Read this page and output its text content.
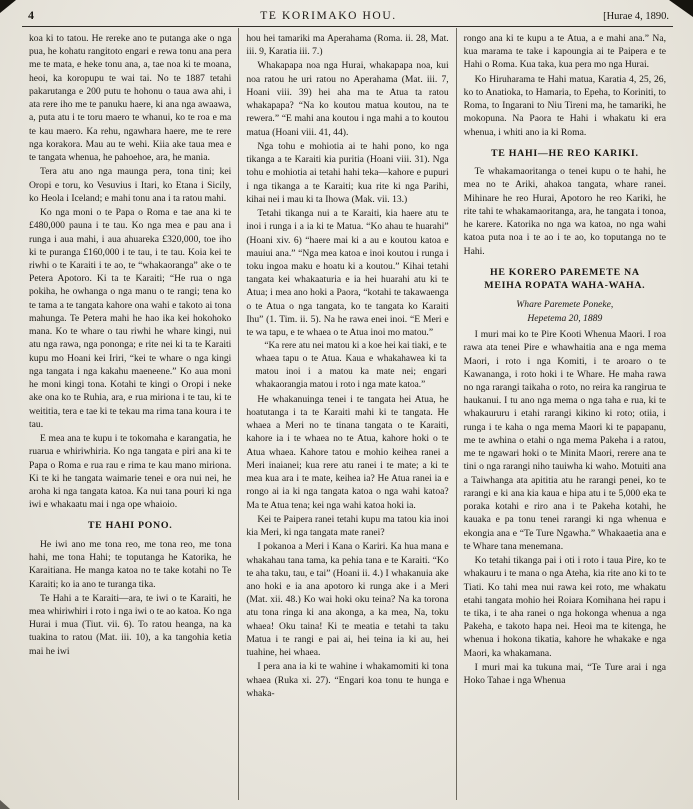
4	TE KORIMAKO HOU.	[Hurae 4, 1890.

koa ki to tatou. He rereke ano te putanga ake o nga pua, he kohatu rangitoto engari e rewa tonu ana pera me te mata, e heke tonu ana, a, tae noa ki te moana, heoi, ka koropupu te wai tai. No te 1887 tetahi pakarutanga e 200 putu te hohonu o taua awa ahi, i ata rere iho me te panuku haere, ki ana nga awaawa, a, puta atu i te toru maero te whanui, ko te roa e ma te kau maero. Ka rehu, ngawhara haere, me te rere nga korakora. Mau au te wehi. Kiia ake taua mea e te tangata whenua, he pahoehoe, ara, he mania.

Tera atu ano nga maunga pera, tona tini; kei Oropi e toru, ko Vesuvius i Itari, ko Etana i Sicily, ko Heola i Iceland; e mahi tonu ana i ta ratou mahi.

Ko nga moni o te Papa o Roma e tae ana ki te £480,000 pauna i te tau. Ko nga mea e pau ana i runga i aua mahi, i aua ahuareka £320,000, toe iho ki te puranga £160,000 i te tau, i te tau. Koia kei te riwhi o te Karaiti i te ao, te “whakaoranga” ake o te Petera Apotoro. Ki ta te Karaiti; “He rua o nga pokiha, he owhanga o nga manu o te rangi; tena ko te tama a te tangata kahore ona wahi e takoto ai tona mahunga. Te Petera mahi he hao ika kei hokohoko mana. Ko te whare o tau riwhi he whare kingi, nui atu nga rawa, nga pononga; e rite nei ki ta te Karaiti kupu mo Hoani kei Iriri, “kei te whare o nga kingi nga tangata i nga kakahu maeneene.” Ko aua moni he moni kingi tona. Kotahi te kingi o Oropi i neke ake ona ko te Ruhia, ara, e rua miriona i te tau, ki te weititia, tera e tae ki te tekau ma rima tana koura i te tau.

E mea ana te kupu i te tokomaha e karangatia, he ruarua e whiriwhiria. Ko nga tangata e piri ana ki te Papa o Roma e rua rau e rima te kau mano miriona. Ki te ki he tangata waimarie tenei e ora nui nei, he aroha ki nga tangata katoa. Ka nui tana pouri ki nga iwi e whakaatu mai i nga ope whaioio.

TE HAHI PONO.

He iwi ano me tona reo, me tona reo, me tona hahi, me tona Hahi; te toputanga he Katorika, he Karaitiana. He manga katoa no te take kotahi no Te Karaiti; ko ia ano te turanga tika.

Te Hahi a te Karaiti—ara, te iwi o te Karaiti, he mea whiriwhiri i roto i nga iwi o te ao katoa. Ko nga Hurai i mua (Tiut. vii. 6). To ratou heanga, na ka tuakina to ratou (Mat. iii. 10), a ka tangohia ketia mai he iwi

hou hei tamariki ma Aperahama (Roma. ii. 28, Mat. iii. 9, Karatia iii. 7.)

Whakapapa noa nga Hurai, whakapapa noa, kui noa ratou he uri ratou no Aperahama (Mat. iii. 7, Hoani viii. 39) hei aha ma te Atua ta ratou whakapapa? “Na ko koutou matua koutou, na te rewera.” “E mahi ana koutou i nga mahi a to koutou matua (Hoani viii. 41, 44).

Nga tohu e mohiotia ai te hahi pono, ko nga tikanga a te Karaiti kia puritia (Hoani viii. 31). Nga tohu e mohiotia ai tetahi hahi teka—kahore e pupuri i nga tikanga a te Karaiti; kua rite ki nga Parihi, kihai nei i mau ki ta Ihowa (Mak. vii. 13.)

Tetahi tikanga nui a te Karaiti, kia haere atu te inoi i runga i a ia ki te Matua. “Ko ahau te huarahi” (Hoani xiv. 6) “haere mai ki a au e koutou katoa e mauiui ana.” “Nga mea katoa e inoi koutou i runga i toku ingoa maku e hoatu ki a koutou.” Kihai tetahi tangata kei whakaaturia e ia hei huarahi atu ki te Atua; i mea ano hoki a Paora, “kotahi te takawaenga o te Atua o nga tangata, ko te tangata ko Karaiti Ihu” (1. Tim. ii. 5). Na he rawa enei inoi. “E Meri e te wa tapu, e te whaea o te Atua inoi mo matou.”

“Ka rere atu nei matou ki a koe hei kai tiaki, e te whaea tapu o te Atua. Kaua e whakahawea ki ta matou inoi i a matou ka mate nei; engari whakaorangia matou i roto i nga mate katoa.”

He whakanuinga tenei i te tangata hei Atua, he hoatutanga i ta te Karaiti mahi ki te tangata. He whaea a Meri no te tinana tangata o te Karaiti, kahore ia i te whaea no te Atua, kahore hoki o te Atua whaea. Kahore tatou e mohio keihea ranei a Meri inaianei; kua rere atu ranei i te mate; a ki te mea kua ara i te mate, keihea ia? He Atua ranei ia e rongo ai ia ki nga tangata katoa o nga wahi katoa? Ma te Atua tena; kei nga wahi katoa hoki ia.

Kei te Paipera ranei tetahi kupu ma tatou kia inoi kia Meri, ki nga tangata mate ranei?

I pokanoa a Meri i Kana o Kariri. Ka hua mana e whakahau tana tama, ka pehia tana e te Karaiti. “Ko te aha taku, tau, e tai” (Hoani ii. 4.) I whakanuia ake ano hoki e ia ana apotoro ki runga ake i a Meri (Mat. xii. 48.) Ko wai hoki oku teina? Na ka torona atu tona ringa ki ana akonga, a ka mea, Na, toku whaea! Oku taina! Ki te meatia e tetahi ta taku Matua i te rangi e pai ai, hei teina ia ki au, hei tuahine, hei whaea.

I pera ana ia ki te wahine i whakamomiti ki tona whaea (Ruka xi. 27). “Engari koa tonu te hunga e whaka-

rongo ana ki te kupu a te Atua, a e mahi ana.” Na, kua marama te take i kapoungia ai te Paipera e te Hahi o Roma. Kua taka, kua pera mo nga Hurai.

Ko Hiruharama te Hahi matua, Karatia 4, 25, 26, ko to Anatioka, to Hamaria, to Epeha, to Koriniti, to Roma, to Ingarani to Niu Tireni ma, he tamariki, he mokopuna. Na Paora te Hahi i whakatu ki era whenua, i whiti ano ia ki Roma.

TE HAHI—HE REO KARIKI.

Te whakamaoritanga o tenei kupu o te hahi, he mea no te Ariki, ahakoa tangata, whare ranei. Mihinare he reo Hurai, Apotoro he reo Kariki, he rite tahi te whakamaoritanga, ara, he tangata i tonoa, he karere. Katorika no nga wa katoa, no nga wahi katoa puta noa i te ao i te ao, ko toputanga no te Hahi.

HE KORERO PAREMETE NA MEIHA ROPATA WAHA-WAHA.

Whare Paremete Poneke,

Hepetema 20, 1889

I muri mai ko te Pire Kooti Whenua Maori. I roa rawa ata tenei Pire e whawhaitia ana e nga mema Maori, i roto i nga Komiti, i te aroaro o te Kawananga, i roto hoki i te Whare. He maha rawa no nga rarangi taikaha o roto, no reira ka rangirua te haukanui. I tu ano nga mema o nga taha e rua, ki te whakaururu i etahi rarangi kikino ki roto; otiia, i runga i te kaha o nga mema Maori ki te papapanu, me te awhina o etahi o nga mema Pakeha i a ratou, me te ngawari hoki o te Minita Maori, rerere ana te tini o nga rarangi niho tauiwha ki waho. Motuiti ana a Taiwhanga ata apititia atu he rarangi penei, ko te rarangi e ki ana kia kaua e hipa atu i te 5,000 eka te poraka kotahi e riro ana i te Pakeha kotahi, he kauaka e pa tonu tenei rarangi ki nga whenua e ekongia ana e “Te Ture Ngawha.” Whakaaetia ana e te Whare tana menemana.

Ko tetahi tikanga pai i oti i roto i taua Pire, ko te whakauru i te mana o nga Ateha, kia rite ano ki to te Tiati. Ko tahi mea nui rawa kei roto, me whakatu etahi tangata mohio hei Roiara Komihana hei rapu i te tika, i te aha ranei o nga hokonga whenua a nga Pakeha, e takoto hapa nei. Heoi ma te kitenga, he whenua i hokona tikatia, kahore he whakake e nga Maori, ka whakamana.

I muri mai ka tukuna mai, “Te Ture arai i nga Hoko Tahae i nga Whenua
